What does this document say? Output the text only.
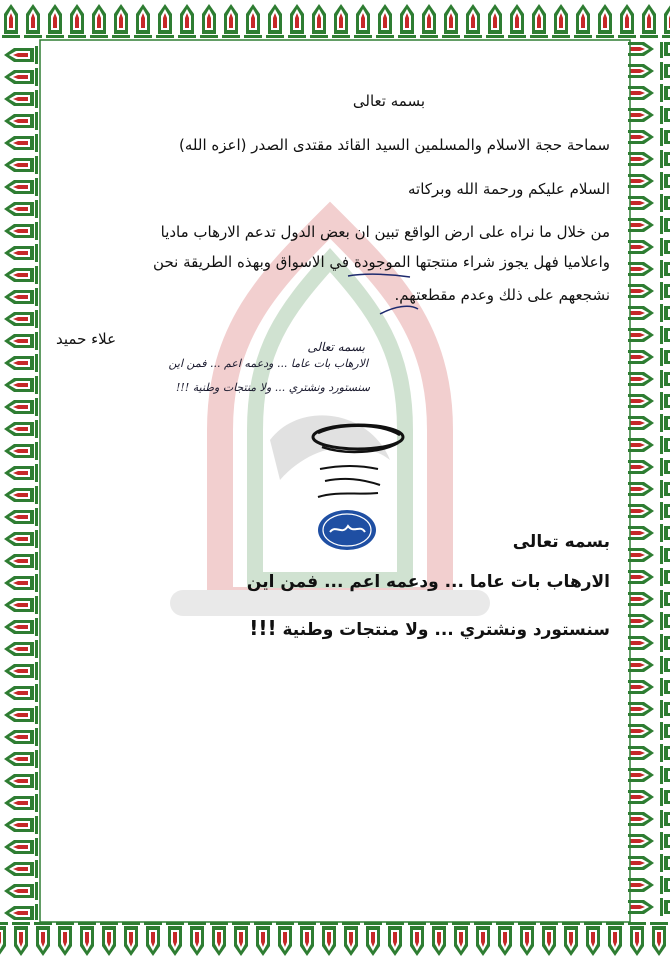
بسمه تعالى
سماحة حجة الاسلام والمسلمين السيد القائد مقتدى الصدر (اعزه الله)
السلام عليكم ورحمة الله وبركاته
من خلال ما نراه على ارض الواقع تبين ان بعض الدول تدعم الارهاب ماديا
واعلاميا فهل يجوز شراء منتجتها الموجودة في الاسواق وبهذه الطريقة نحن
نشجعهم على ذلك وعدم مقطعتهم.
علاء حميد	بسمه تعالى
الارهاب بات عاما ... ودعمه اعم ... فمن اين
سنستورد ونشتري ... ولا منتجات وطنية !!!
بسمه تعالى
الارهاب بات عاما ... ودعمه اعم ... فمن اين
سنستورد ونشتري ... ولا منتجات وطنية !!!
